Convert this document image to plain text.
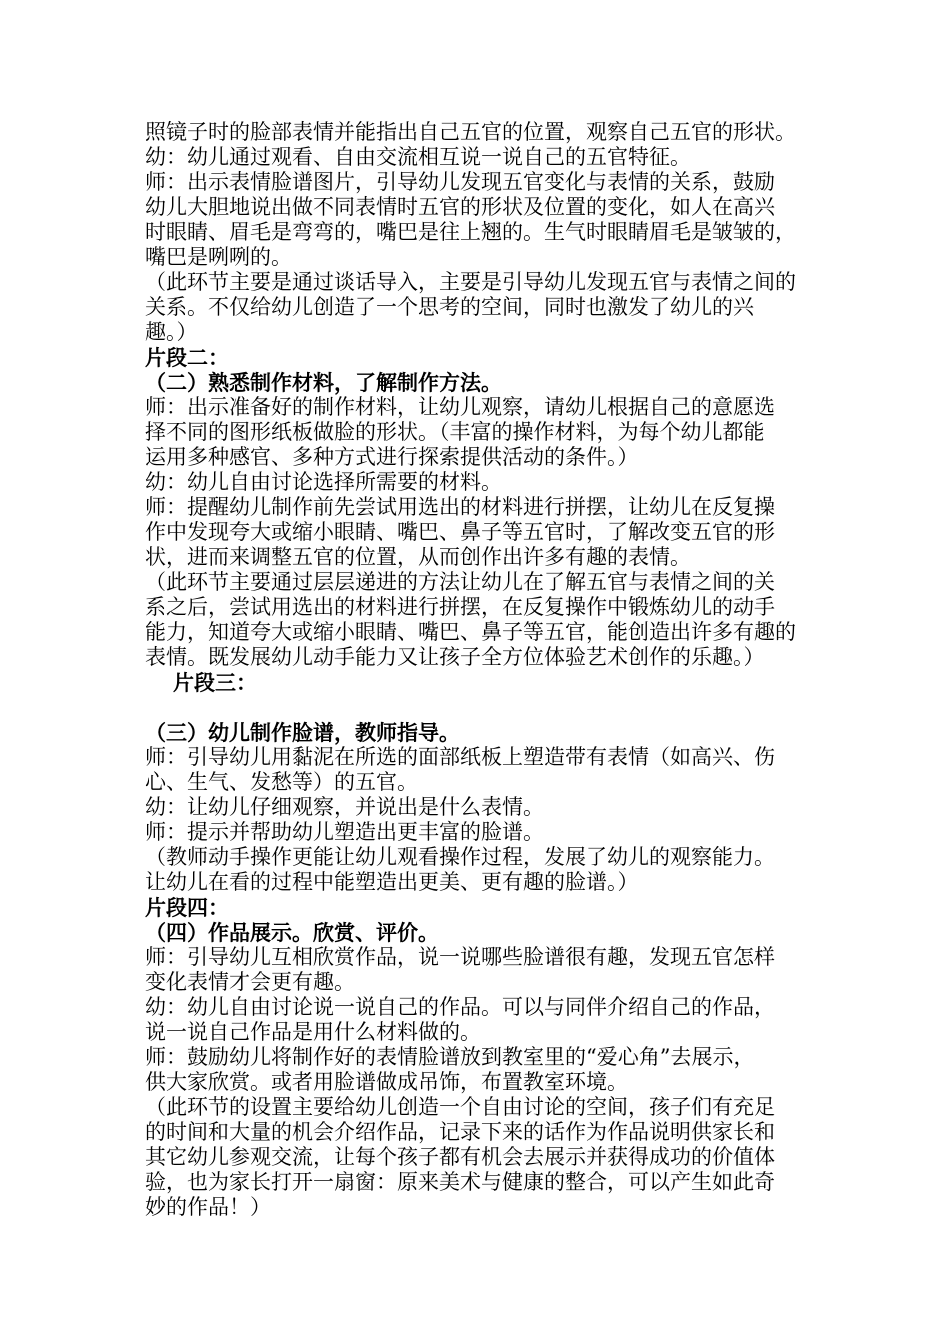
照镜子时的脸部表情并能指出自己五官的位置，观察自己五官的形状。
幼：幼儿通过观看、自由交流相互说一说自己的五官特征。
师：出示表情脸谱图片，引导幼儿发现五官变化与表情的关系，鼓励
幼儿大胆地说出做不同表情时五官的形状及位置的变化，如人在高兴
时眼睛、眉毛是弯弯的，嘴巴是往上翘的。生气时眼睛眉毛是皱皱的，
嘴巴是咧咧的。
（此环节主要是通过谈话导入，主要是引导幼儿发现五官与表情之间的
关系。不仅给幼儿创造了一个思考的空间，同时也激发了幼儿的兴
趣。）
片段二：
（二）熟悉制作材料，了解制作方法。
师：出示准备好的制作材料，让幼儿观察，请幼儿根据自己的意愿选
择不同的图形纸板做脸的形状。（丰富的操作材料，为每个幼儿都能
运用多种感官、多种方式进行探索提供活动的条件。）
幼：幼儿自由讨论选择所需要的材料。
师：提醒幼儿制作前先尝试用选出的材料进行拼摆，让幼儿在反复操
作中发现夸大或缩小眼睛、嘴巴、鼻子等五官时，了解改变五官的形
状，进而来调整五官的位置，从而创作出许多有趣的表情。
（此环节主要通过层层递进的方法让幼儿在了解五官与表情之间的关
系之后，尝试用选出的材料进行拼摆，在反复操作中锻炼幼儿的动手
能力，知道夸大或缩小眼睛、嘴巴、鼻子等五官，能创造出许多有趣的
表情。既发展幼儿动手能力又让孩子全方位体验艺术创作的乐趣。）
片段三：
（三）幼儿制作脸谱，教师指导。
师：引导幼儿用黏泥在所选的面部纸板上塑造带有表情（如高兴、伤
心、生气、发愁等）的五官。
幼：让幼儿仔细观察，并说出是什么表情。
师：提示并帮助幼儿塑造出更丰富的脸谱。
（教师动手操作更能让幼儿观看操作过程，发展了幼儿的观察能力。
让幼儿在看的过程中能塑造出更美、更有趣的脸谱。）
片段四：
（四）作品展示。欣赏、评价。
师：引导幼儿互相欣赏作品，说一说哪些脸谱很有趣，发现五官怎样
变化表情才会更有趣。
幼：幼儿自由讨论说一说自己的作品。可以与同伴介绍自己的作品，
说一说自己作品是用什么材料做的。
师：鼓励幼儿将制作好的表情脸谱放到教室里的“爱心角”去展示，
供大家欣赏。或者用脸谱做成吊饰，布置教室环境。
（此环节的设置主要给幼儿创造一个自由讨论的空间，孩子们有充足
的时间和大量的机会介绍作品，记录下来的话作为作品说明供家长和
其它幼儿参观交流，让每个孩子都有机会去展示并获得成功的价值体
验，也为家长打开一扇窗：原来美术与健康的整合，可以产生如此奇
妙的作品！）
